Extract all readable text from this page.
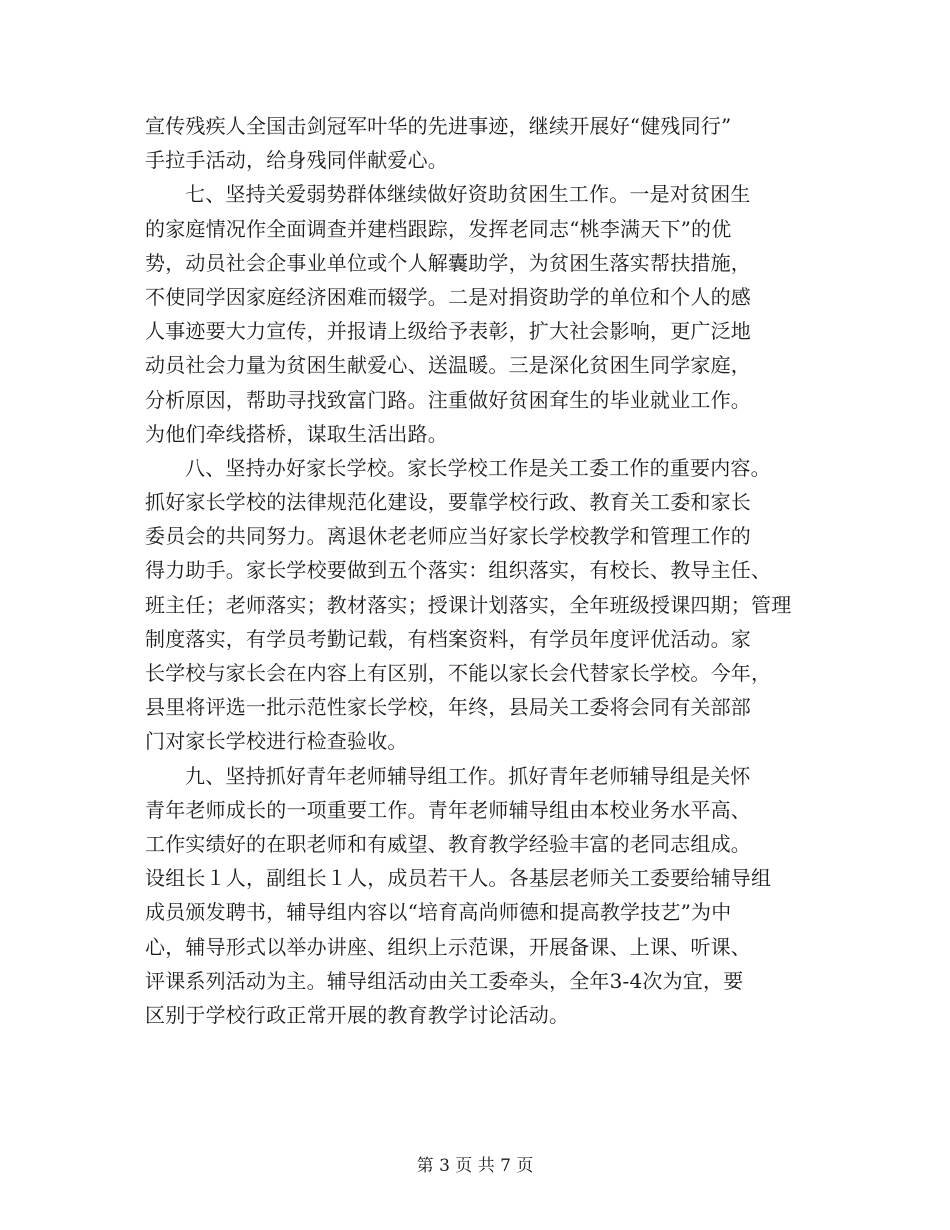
宣传残疾人全国击剑冠军叶华的先进事迹，继续开展好“健残同行”
手拉手活动，给身残同伴献爱心。
七、坚持关爱弱势群体继续做好资助贫困生工作。一是对贫困生
的家庭情况作全面调查并建档跟踪，发挥老同志“桃李满天下”的优
势，动员社会企事业单位或个人解囊助学，为贫困生落实帮扶措施，
不使同学因家庭经济困难而辍学。二是对捐资助学的单位和个人的感
人事迹要大力宣传，并报请上级给予表彰，扩大社会影响，更广泛地
动员社会力量为贫困生献爱心、送温暖。三是深化贫困生同学家庭，
分析原因，帮助寻找致富门路。注重做好贫困耷生的毕业就业工作。
为他们牵线搭桥，谋取生活出路。
八、坚持办好家长学校。家长学校工作是关工委工作的重要内容。
抓好家长学校的法律规范化建设，要靠学校行政、教育关工委和家长
委员会的共同努力。离退休老老师应当好家长学校教学和管理工作的
得力助手。家长学校要做到五个落实：组织落实，有校长、教导主任、
班主任；老师落实；教材落实；授课计划落实，全年班级授课四期；管理
制度落实，有学员考勤记载，有档案资料，有学员年度评优活动。家
长学校与家长会在内容上有区别，不能以家长会代替家长学校。今年，
县里将评选一批示范性家长学校，年终，县局关工委将会同有关部部
门对家长学校进行检查验收。
九、坚持抓好青年老师辅导组工作。抓好青年老师辅导组是关怀
青年老师成长的一项重要工作。青年老师辅导组由本校业务水平高、
工作实绩好的在职老师和有威望、教育教学经验丰富的老同志组成。
设组长１人，副组长１人，成员若干人。各基层老师关工委要给辅导组
成员颁发聘书，辅导组内容以“培育高尚师德和提高教学技艺”为中
心，辅导形式以举办讲座、组织上示范课，开展备课、上课、听课、
评课系列活动为主。辅导组活动由关工委牵头，全年3-4次为宜，要
区别于学校行政正常开展的教育教学讨论活动。
第 3 页 共 7 页
